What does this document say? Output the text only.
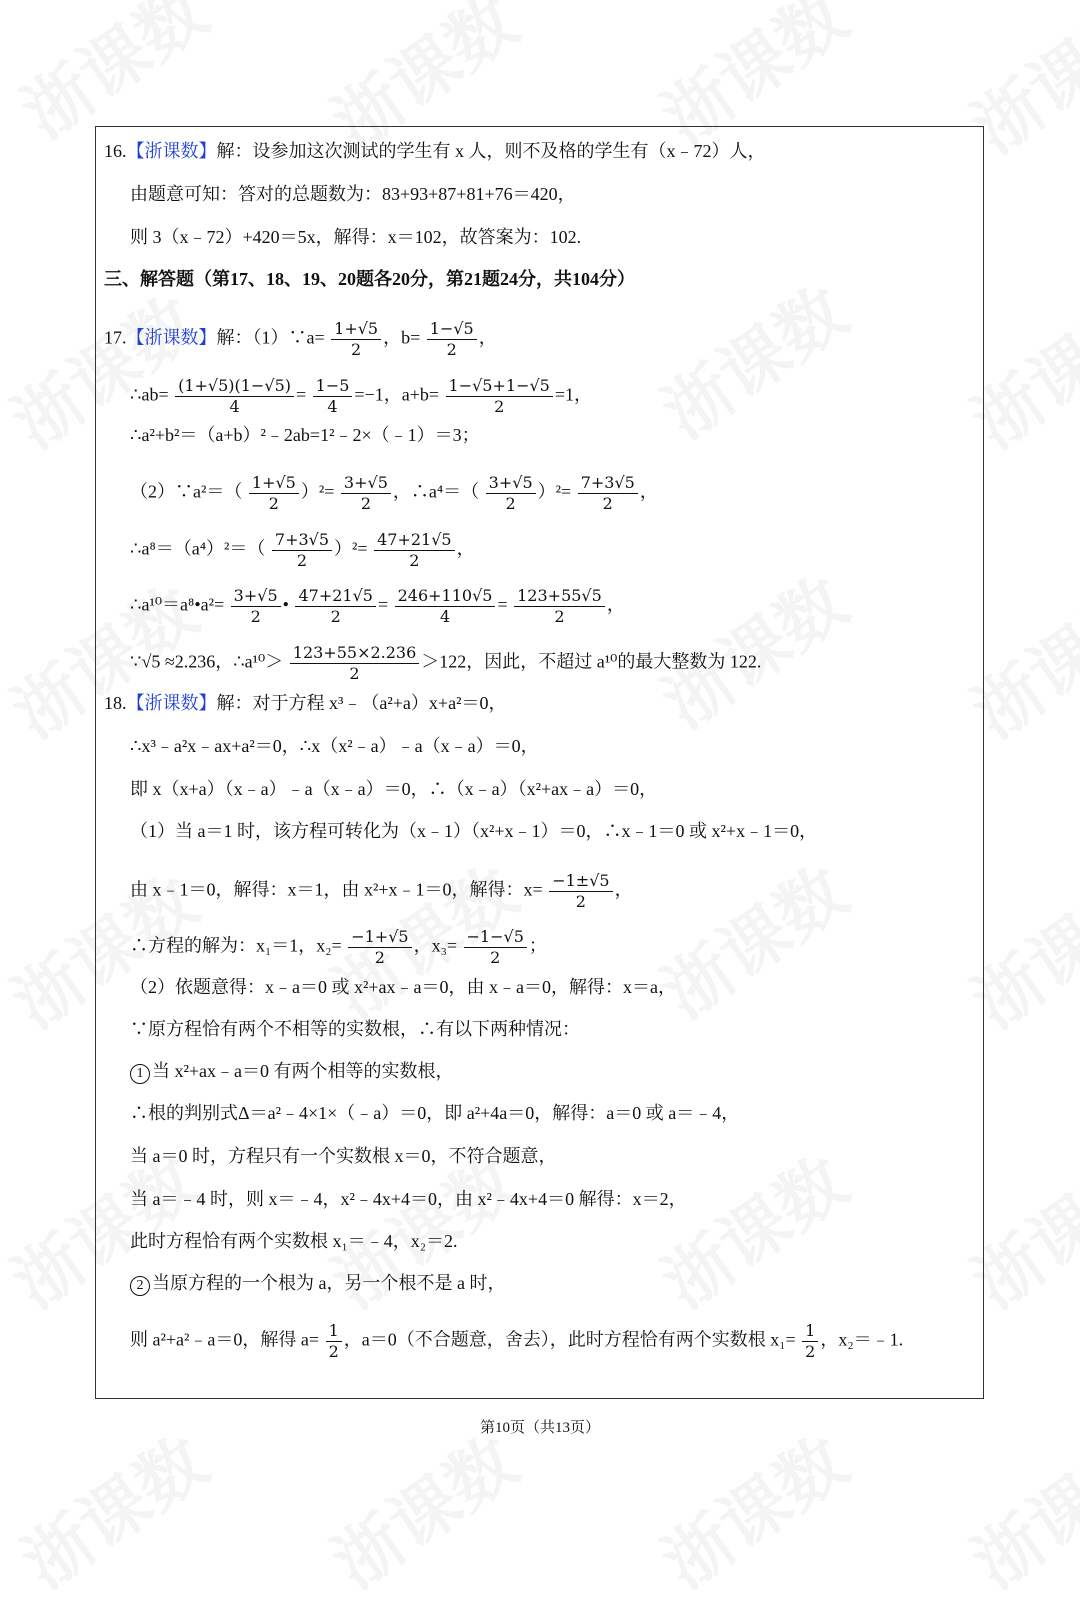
16.【浙课数】解：设参加这次测试的学生有 x 人，则不及格的学生有（x﹣72）人，
由题意可知：答对的总题数为：83+93+87+81+76＝420，
则 3（x﹣72）+420＝5x，解得：x＝102，故答案为：102.
三、解答题（第17、18、19、20题各20分，第21题24分，共104分）
17.【浙课数】解：（1）∵a= $\frac{1+√5}{2}$ ，$b= \frac{1-√5}{2}$ ，
∴ab= $\frac{(1+√5)(1-√5)}{4} = \frac{1-5}{4} =-1$，$a+b= \frac{1-√5+1-√5}{2} =1$，
∴a²+b²＝（a+b）²﹣2ab=1²﹣2×（﹣1）＝3；
（2）∵a²＝（ $\frac{1+√5}{2} )^2= \frac{3+√5}{2}$ ，∴a⁴＝（ $\frac{3+√5}{2} )^2= \frac{7+3√5}{2}$ ，
∴a⁸＝（a⁴）²＝（ $\frac{7+3√5}{2} )^2= \frac{47+21√5}{2}$ ，
∴a¹⁰＝a⁸•a²= $\frac{3+√5}{2}$ • $\frac{47+21√5}{2} = \frac{246+110√5}{4} = \frac{123+55√5}{2}$ ，
∵√5 ≈2.236，∴a¹⁰＞ $\frac{123+55\times 2.236}{2} >122$，因此，不超过 a¹⁰的最大整数为 122.
18.【浙课数】解：对于方程 x³﹣（a²+a）x+a²＝0，
∴x³﹣a²x﹣ax+a²＝0，∴x（x²﹣a）﹣a（x﹣a）＝0，
即 x（x+a）（x﹣a）﹣a（x﹣a）＝0，∴（x﹣a）（x²+ax﹣a）＝0，
（1）当 a＝1 时，该方程可转化为（x﹣1）（x²+x﹣1）＝0，∴x﹣1＝0 或 x²+x﹣1＝0，
由 x﹣1＝0，解得：x＝1，由 x²+x﹣1＝0，解得：$x= \frac{-1\pm√5}{2}$ ，
∴方程的解为：x₁＝1，$x_2= \frac{-1+√5}{2}$ ，$x_3= \frac{-1-√5}{2}$ ；
（2）依题意得：x﹣a＝0 或 x²+ax﹣a＝0，由 x﹣a＝0，解得：x＝a，
∵原方程恰有两个不相等的实数根，∴有以下两种情况：
1 当 x²+ax﹣a＝0 有两个相等的实数根，
∴根的判别式Δ＝a²﹣4×1×（﹣a）＝0，即 a²+4a＝0，解得：a＝0 或 a＝﹣4，
当 a＝0 时，方程只有一个实数根 x＝0，不符合题意，
当 a＝﹣4 时，则 x＝﹣4，x²﹣4x+4＝0，由 x²﹣4x+4＝0 解得：x＝2，
此时方程恰有两个实数根 x₁＝﹣4，x₂＝2.
2 当原方程的一个根为 a，另一个根不是 a 时，
则 a²+a²﹣a＝0，解得 $a= \frac{1}{2}$ ，a＝0（不合题意，舍去），此时方程恰有两个实数根 $x_1= \frac{1}{2}$ ，x₂＝﹣1.
第10页（共13页）
